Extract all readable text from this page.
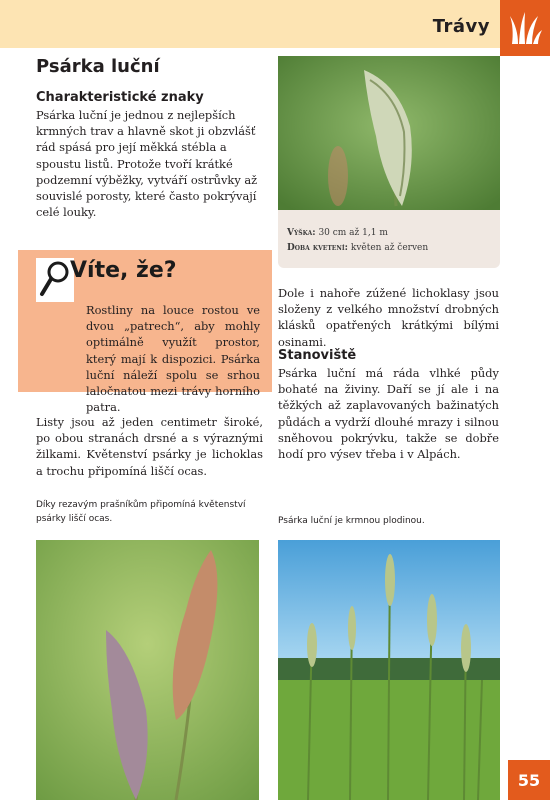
Trávy
Psárka luční
Charakteristické znaky

Psárka luční je jednou z nejlepších krmných trav a hlavně skot ji obzvlášť rád spásá pro její měkká stébla a spoustu listů. Protože tvoří krátké podzemní výběžky, vytváří ostrůvky až souvislé porosty, které často pokrývají celé louky.

Výška: 30 cm až 1,1 m
Doba kvetení: květen až červen

Rostliny na louce rostou ve dvou „patrech“, aby mohly optimálně využít prostor, který mají k dispozici. Psárka luční náleží spolu se srhou laločnatou mezi trávy horního patra.

Víte, že?

Dole i nahoře zúžené lichoklasy jsou složeny z velkého množství drobných klásků opatřených krátkými bílými osinami.

Stanoviště

Psárka luční má ráda vlhké půdy bohaté na živiny. Daří se jí ale i na těžkých až zaplavovaných bažinatých půdách a vydrží dlouhé mrazy i silnou sněhovou pokrývku, takže se dobře hodí pro výsev třeba i v Alpách.

Listy jsou až jeden centimetr široké, po obou stranách drsné a s výraznými žilkami. Květenství psárky je lichoklas a trochu připomíná liščí ocas.

Díky rezavým prašníkům připomíná květenství psárky liščí ocas.	Psárka luční je krmnou plodinou.
55
